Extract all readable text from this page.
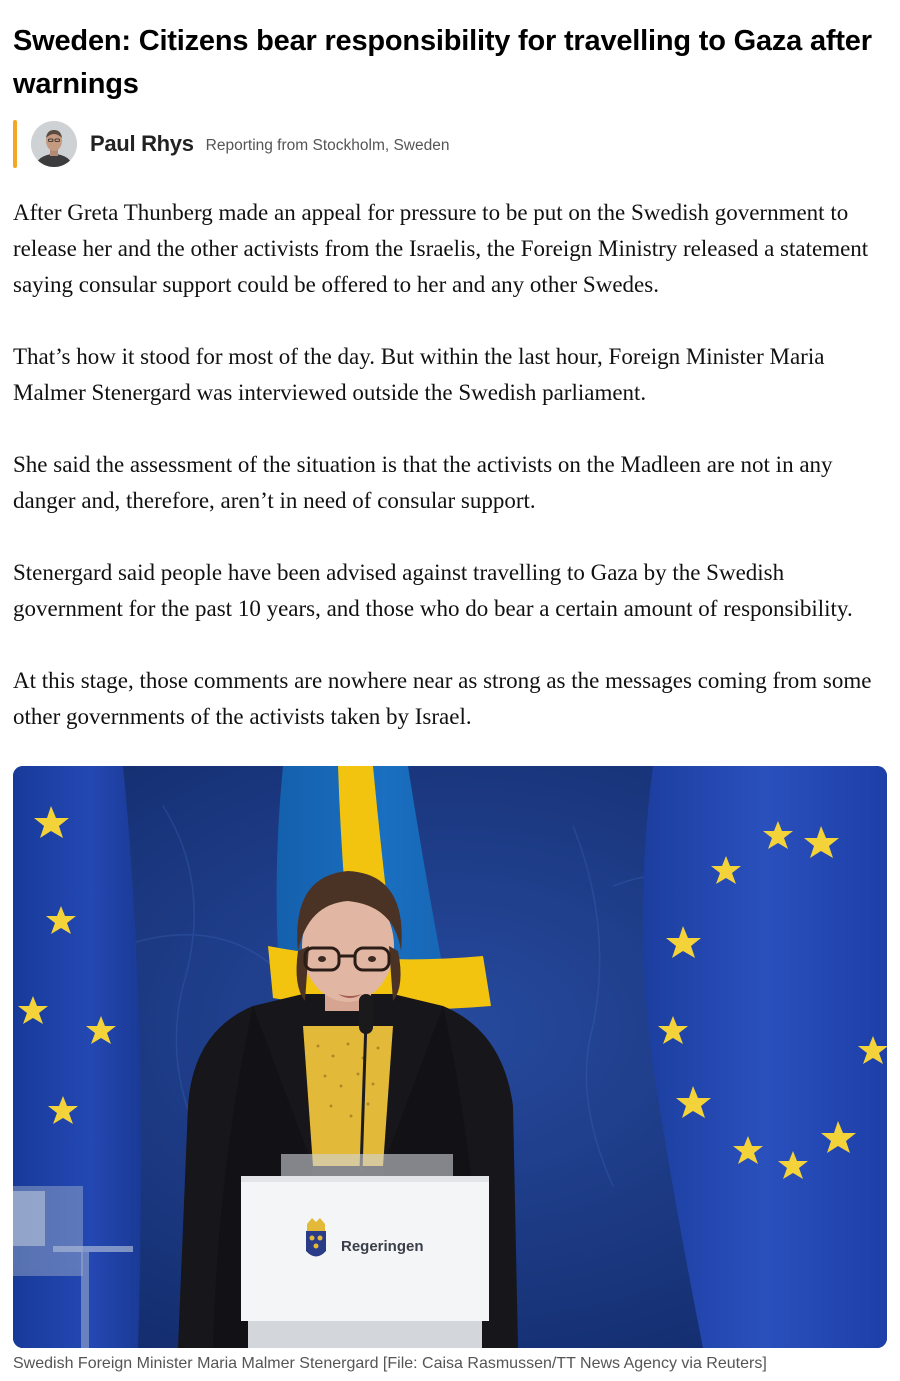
Sweden: Citizens bear responsibility for travelling to Gaza after warnings
Paul Rhys Reporting from Stockholm, Sweden

After Greta Thunberg made an appeal for pressure to be put on the Swedish government to release her and the other activists from the Israelis, the Foreign Ministry released a statement saying consular support could be offered to her and any other Swedes.

That’s how it stood for most of the day. But within the last hour, Foreign Minister Maria Malmer Stenergard was interviewed outside the Swedish parliament.

She said the assessment of the situation is that the activists on the Madleen are not in any danger and, therefore, aren’t in need of consular support.

Stenergard said people have been advised against travelling to Gaza by the Swedish government for the past 10 years, and those who do bear a certain amount of responsibility.

At this stage, those comments are nowhere near as strong as the messages coming from some other governments of the activists taken by Israel.

Regeringen
Swedish Foreign Minister Maria Malmer Stenergard [File: Caisa Rasmussen/TT News Agency via Reuters]
